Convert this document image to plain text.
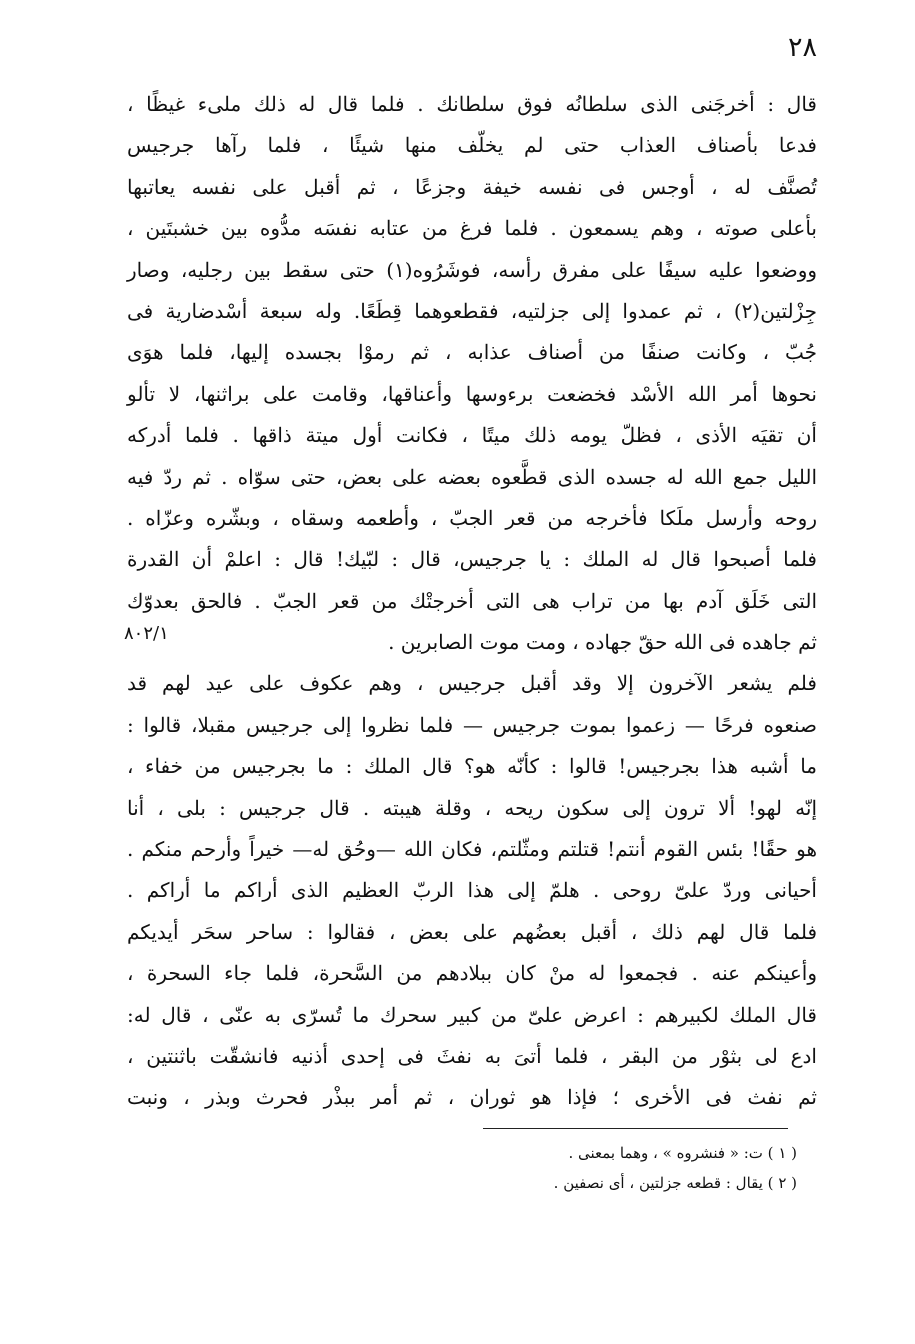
٢٨
٨٠٢/١
قال : أخرجَنى الذى سلطانُه فوق سلطانك . فلما قال له ذلك ملىء غيظًا ،
فدعا بأصناف العذاب حتى لم يخلّف منها شيئًا ، فلما رآها جرجيس
تُصنَّف له ، أوجس فى نفسه خيفة وجزعًا ، ثم أقبل على نفسه يعاتبها
بأعلى صوته ، وهم يسمعون . فلما فرغ من عتابه نفسَه مدُّوه بين خشبتَين ،
ووضعوا عليه سيفًا على مفرق رأسه، فوشَرُوه(١) حتى سقط بين رجليه، وصار
جِزْلتين(٢) ، ثم عمدوا إلى جزلتيه، فقطعوهما قِطَعًا. وله سبعة أسْدضارية فى
جُبّ ، وكانت صنفًا من أصناف عذابه ، ثم رموْا بجسده إليها، فلما هوَى
نحوها أمر الله الأسْد فخضعت برءوسها وأعناقها، وقامت على براثنها، لا تألو
أن تقيَه الأذى ، فظلّ يومه ذلك ميتًا ، فكانت أول ميتة ذاقها . فلما أدركه
الليل جمع الله له جسده الذى قطَّعوه بعضه على بعض، حتى سوّاه . ثم ردّ فيه
روحه وأرسل ملَكا فأخرجه من قعر الجبّ ، وأطعمه وسقاه ، وبشّره وعزّاه .
فلما أصبحوا قال له الملك : يا جرجيس، قال : لبّيك! قال : اعلمْ أن القدرة
التى خَلَق آدم بها من تراب هى التى أخرجتْك من قعر الجبّ . فالحق بعدوّك
ثم جاهده فى الله حقّ جهاده ، ومت موت الصابرين .
فلم يشعر الآخرون إلا وقد أقبل جرجيس ، وهم عكوف على عيد لهم قد
صنعوه فرحًا — زعموا بموت جرجيس — فلما نظروا إلى جرجيس مقبلا، قالوا :
ما أشبه هذا بجرجيس! قالوا : كأنّه هو؟ قال الملك : ما بجرجيس من خفاء ،
إنّه لهو! ألا ترون إلى سكون ريحه ، وقلة هيبته . قال جرجيس : بلى ، أنا
هو حقًا! بئس القوم أنتم! قتلتم ومثّلتم، فكان الله —وحُق له— خيراً وأرحم منكم .
أحيانى وردّ علىّ روحى . هلمّ إلى هذا الربّ العظيم الذى أراكم ما أراكم .
فلما قال لهم ذلك ، أقبل بعضُهم على بعض ، فقالوا : ساحر سحَر أيديكم
وأعينكم عنه . فجمعوا له منْ كان ببلادهم من السَّحرة، فلما جاء السحرة ،
قال الملك لكبيرهم : اعرض علىّ من كبير سحرك ما تُسرّى به عنّى ، قال له:
ادع لى بثوْر من البقر ، فلما أتىَ به نفثَ فى إحدى أذنيه فانشقّت باثنتين ،
ثم نفث فى الأخرى ؛ فإذا هو ثوران ، ثم أمر ببذْر فحرث وبذر ، ونبت
( ١ ) ت: « فنشروه » ، وهما بمعنى .
( ٢ ) يقال : قطعه جزلتين ، أى نصفين .
